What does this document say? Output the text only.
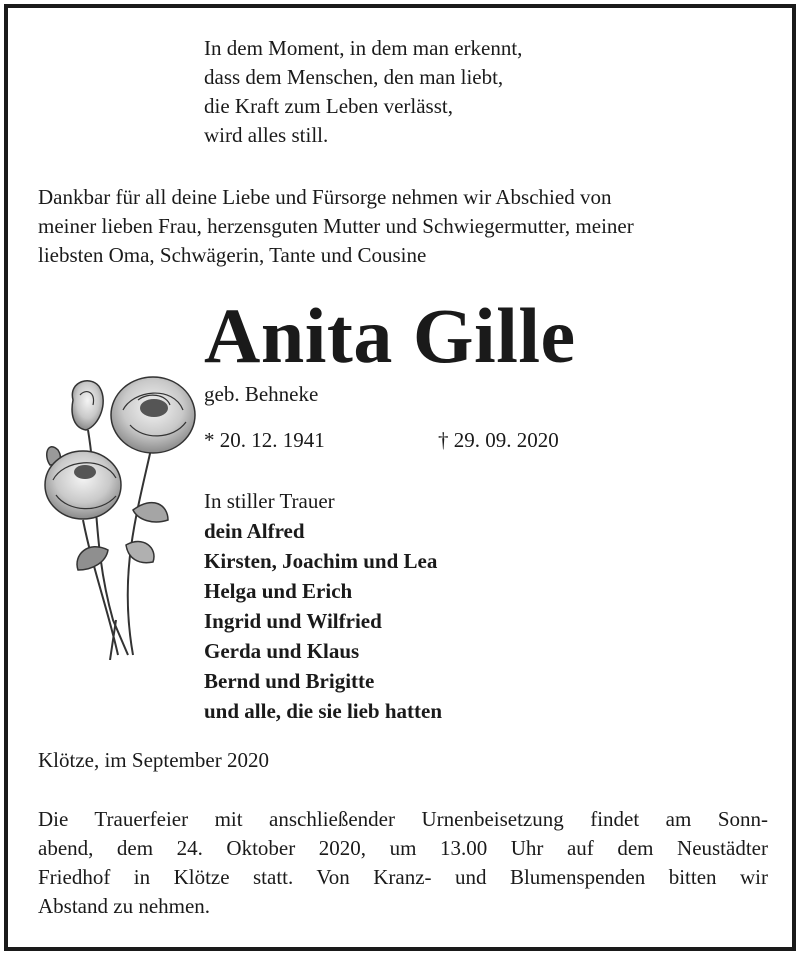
In dem Moment, in dem man erkennt,
dass dem Menschen, den man liebt,
die Kraft zum Leben verlässt,
wird alles still.
Dankbar für all deine Liebe und Fürsorge nehmen wir Abschied von
meiner lieben Frau, herzensguten Mutter und Schwiegermutter, meiner
liebsten Oma, Schwägerin, Tante und Cousine
Anita Gille
geb. Behneke
* 20. 12. 1941	† 29. 09. 2020
In stiller Trauer
dein Alfred
Kirsten, Joachim und Lea
Helga und Erich
Ingrid und Wilfried
Gerda und Klaus
Bernd und Brigitte
und alle, die sie lieb hatten
Klötze, im September 2020
Die Trauerfeier mit anschließender Urnenbeisetzung findet am Sonn-
abend, dem 24. Oktober 2020, um 13.00 Uhr auf dem Neustädter
Friedhof in Klötze statt. Von Kranz- und Blumenspenden bitten wir
Abstand zu nehmen.
